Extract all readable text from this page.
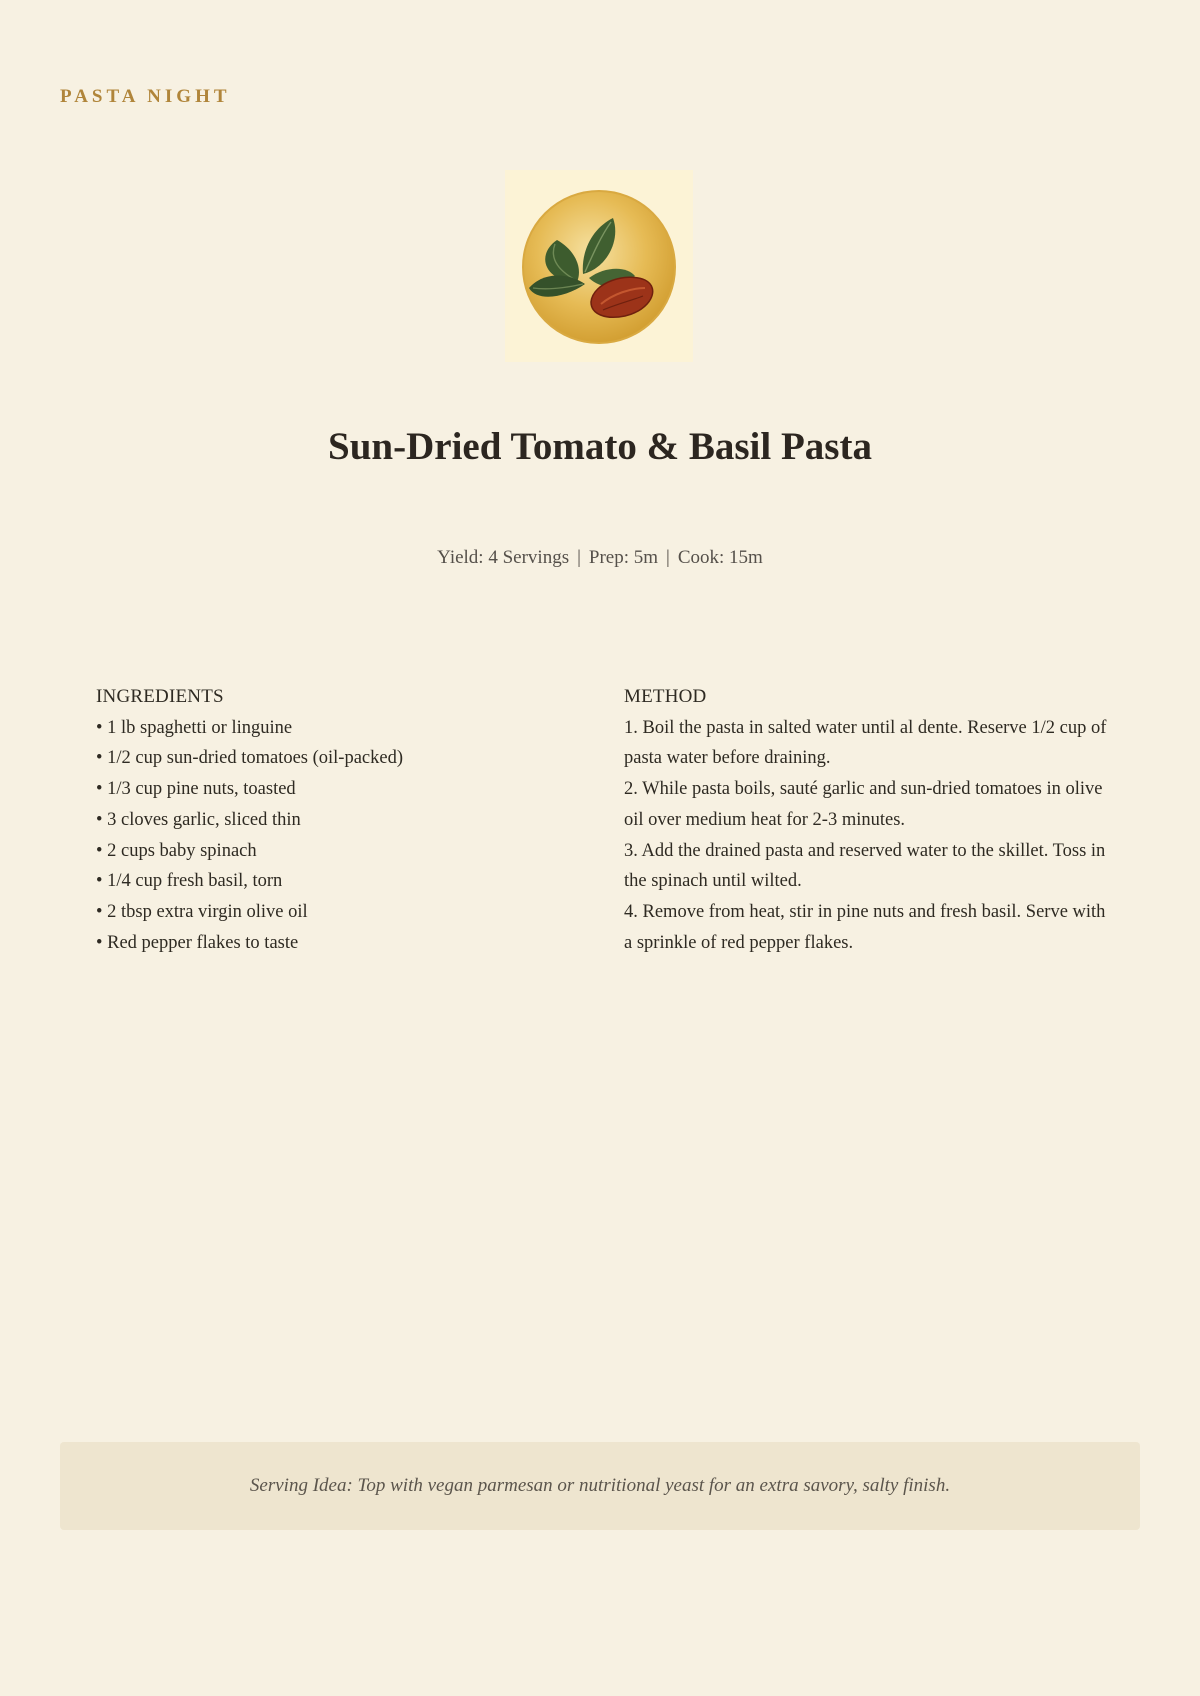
PASTA NIGHT
Sun-Dried Tomato & Basil Pasta
Yield: 4 Servings | Prep: 5m | Cook: 15m
INGREDIENTS
• 1 lb spaghetti or linguine
• 1/2 cup sun-dried tomatoes (oil-packed)
• 1/3 cup pine nuts, toasted
• 3 cloves garlic, sliced thin
• 2 cups baby spinach
• 1/4 cup fresh basil, torn
• 2 tbsp extra virgin olive oil
• Red pepper flakes to taste
METHOD
1. Boil the pasta in salted water until al dente. Reserve 1/2 cup of pasta water before draining.
2. While pasta boils, sauté garlic and sun-dried tomatoes in olive oil over medium heat for 2-3 minutes.
3. Add the drained pasta and reserved water to the skillet. Toss in the spinach until wilted.
4. Remove from heat, stir in pine nuts and fresh basil. Serve with a sprinkle of red pepper flakes.
Serving Idea: Top with vegan parmesan or nutritional yeast for an extra savory, salty finish.
